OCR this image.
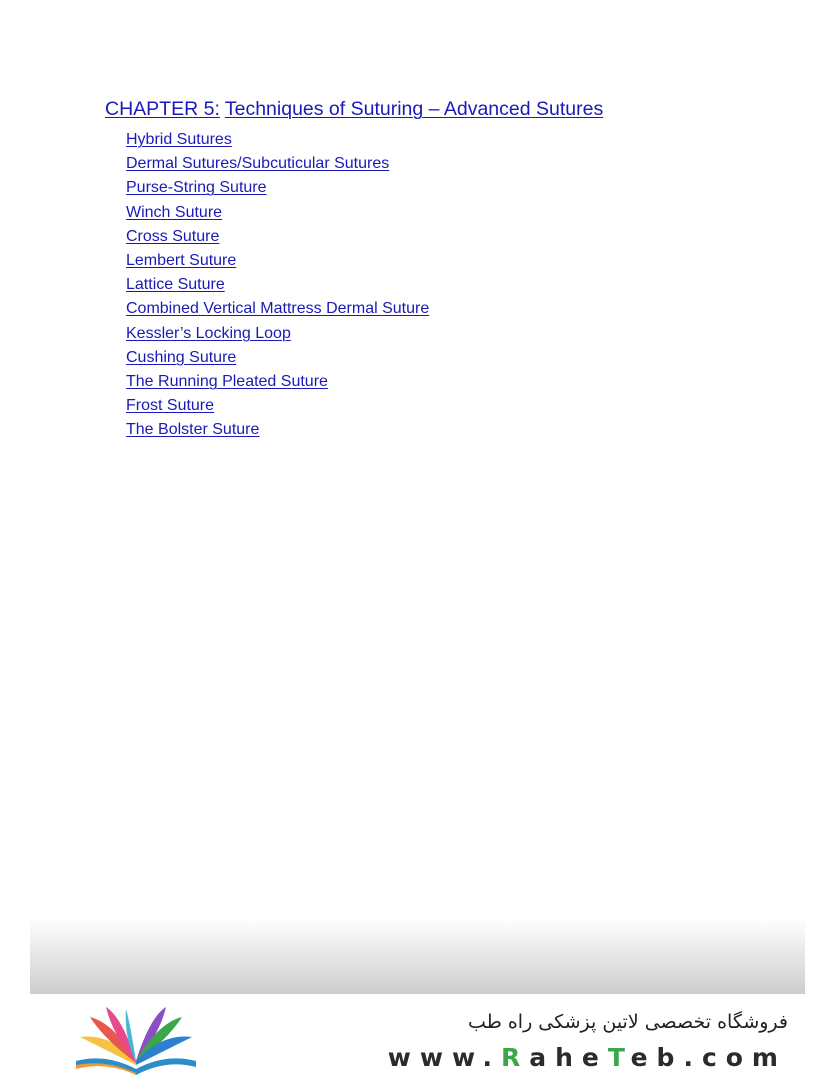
CHAPTER 5: Techniques of Suturing – Advanced Sutures
Hybrid Sutures
Dermal Sutures/Subcuticular Sutures
Purse-String Suture
Winch Suture
Cross Suture
Lembert Suture
Lattice Suture
Combined Vertical Mattress Dermal Suture
Kessler’s Locking Loop
Cushing Suture
The Running Pleated Suture
Frost Suture
The Bolster Suture
فروشگاه تخصصی لاتین پزشکی راه طب
www.RaheTeb.com
